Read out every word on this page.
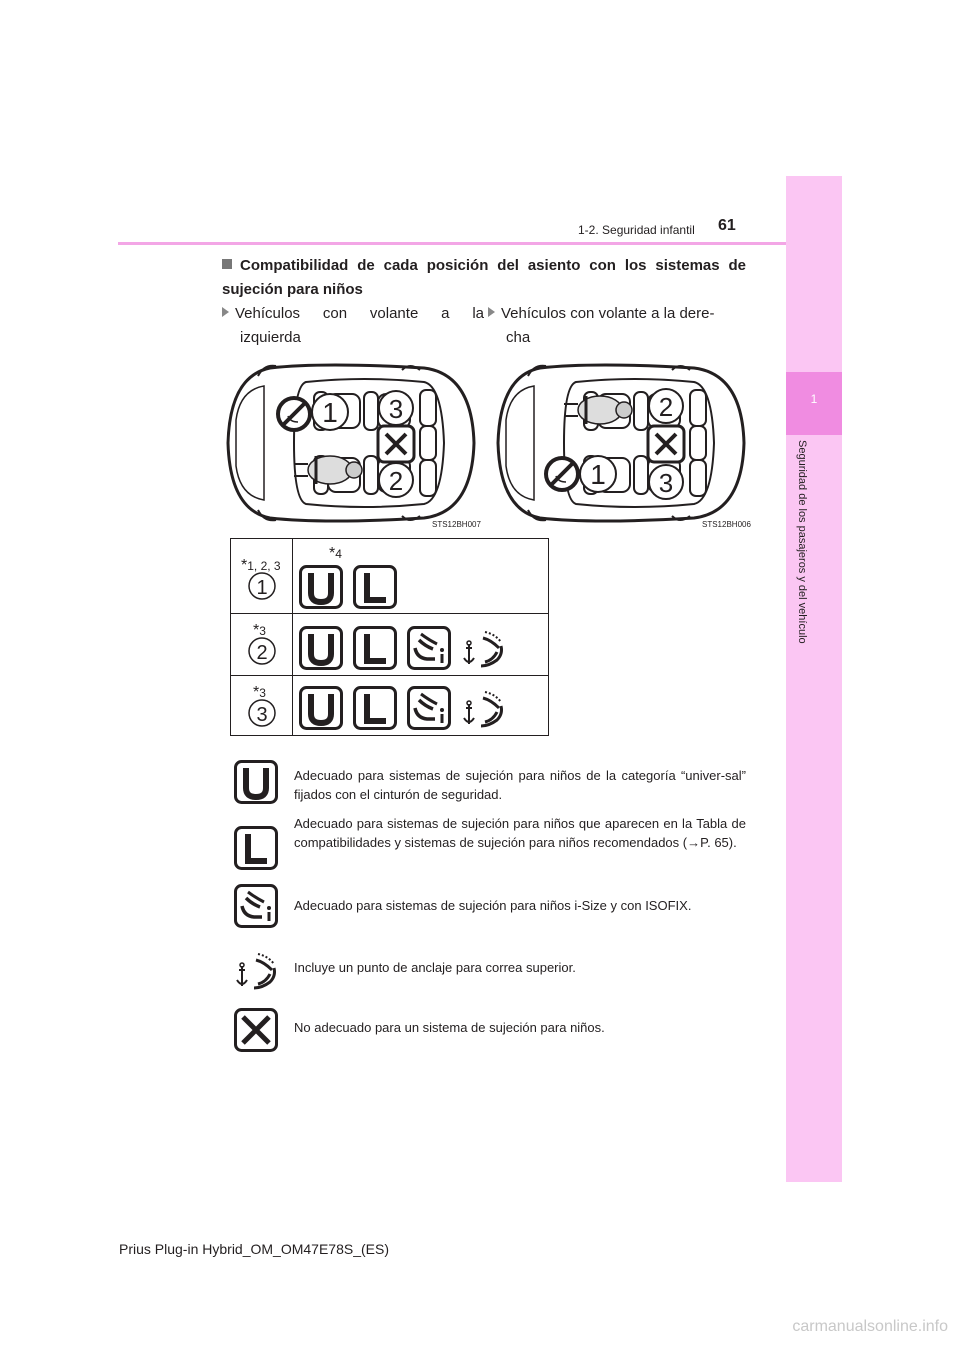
1
Seguridad de los pasajeros y del vehículo
1-2. Seguridad infantil 61
Compatibilidad de cada posición del asiento con los sistemas de sujeción para niños
Vehículos con volante a la
izquierda
Vehículos con volante a la dere-
cha
1 3
2
STS12BH007
2
1 3
STS12BH006
*1, 2, 3
1
*4
*3
2
*3
3
Adecuado para sistemas de sujeción para niños de la categoría “univer-sal” fijados con el cinturón de seguridad.
Adecuado para sistemas de sujeción para niños que aparecen en la Tabla de compatibilidades y sistemas de sujeción para niños recomendados (→P. 65).
Adecuado para sistemas de sujeción para niños i-Size y con ISOFIX.
Incluye un punto de anclaje para correa superior.
No adecuado para un sistema de sujeción para niños.
Prius Plug-in Hybrid_OM_OM47E78S_(ES)
carmanualsonline.info
